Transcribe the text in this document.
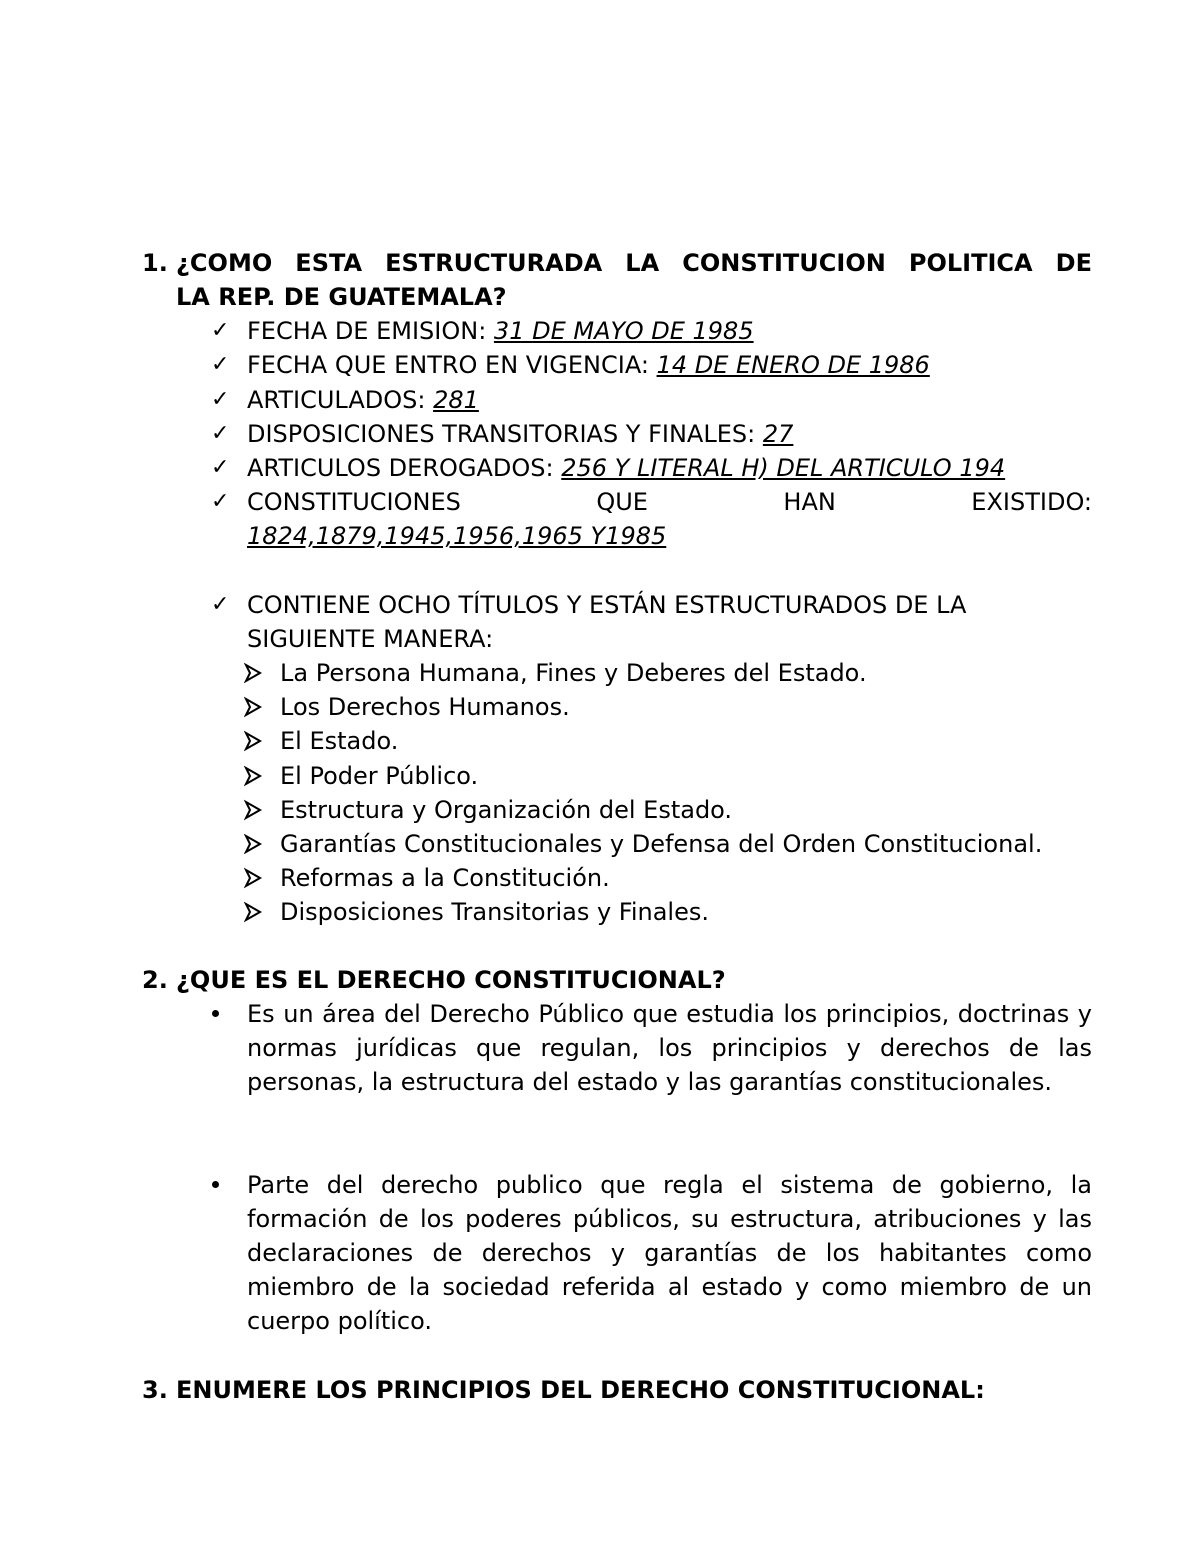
1. ¿COMO ESTA ESTRUCTURADA LA CONSTITUCION POLITICA DE
LA REP. DE GUATEMALA?
✓ FECHA DE EMISION: 31 DE MAYO DE 1985
✓ FECHA QUE ENTRO EN VIGENCIA: 14 DE ENERO DE 1986
✓ ARTICULADOS: 281
✓ DISPOSICIONES TRANSITORIAS Y FINALES: 27
✓ ARTICULOS DEROGADOS: 256 Y LITERAL H) DEL ARTICULO 194
✓ CONSTITUCIONES QUE HAN EXISTIDO:
1824,1879,1945,1956,1965 Y1985
✓ CONTIENE OCHO TÍTULOS Y ESTÁN ESTRUCTURADOS DE LA
SIGUIENTE MANERA:
La Persona Humana, Fines y Deberes del Estado.
Los Derechos Humanos.
El Estado.
El Poder Público.
Estructura y Organización del Estado.
Garantías Constitucionales y Defensa del Orden Constitucional.
Reformas a la Constitución.
Disposiciones Transitorias y Finales.
2. ¿QUE ES EL DERECHO CONSTITUCIONAL?
Es un área del Derecho Público que estudia los principios, doctrinas y normas jurídicas que regulan, los principios y derechos de las personas, la estructura del estado y las garantías constitucionales.
Parte del derecho publico que regla el sistema de gobierno, la formación de los poderes públicos, su estructura, atribuciones y las declaraciones de derechos y garantías de los habitantes como miembro de la sociedad referida al estado y como miembro de un cuerpo político.
3. ENUMERE LOS PRINCIPIOS DEL DERECHO CONSTITUCIONAL:
